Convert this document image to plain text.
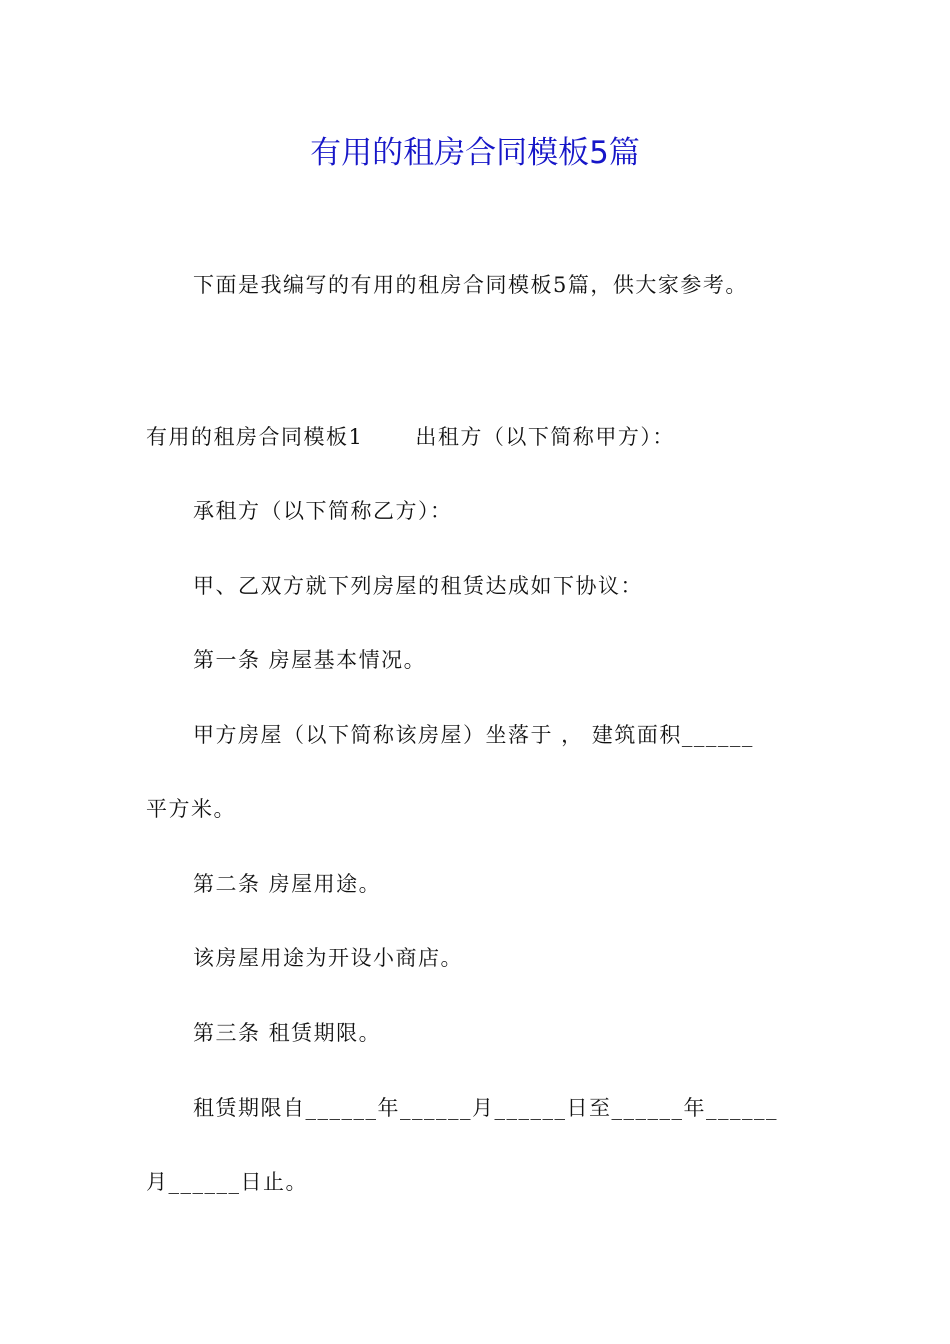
有用的租房合同模板5篇
下面是我编写的有用的租房合同模板5篇，供大家参考。
有用的租房合同模板1 出租方（以下简称甲方）：
承租方（以下简称乙方）：
甲、乙双方就下列房屋的租赁达成如下协议：
第一条 房屋基本情况。
甲方房屋（以下简称该房屋）坐落于 ， 建筑面积______
平方米。
第二条 房屋用途。
该房屋用途为开设小商店。
第三条 租赁期限。
租赁期限自______年______月______日至______年______
月______日止。
